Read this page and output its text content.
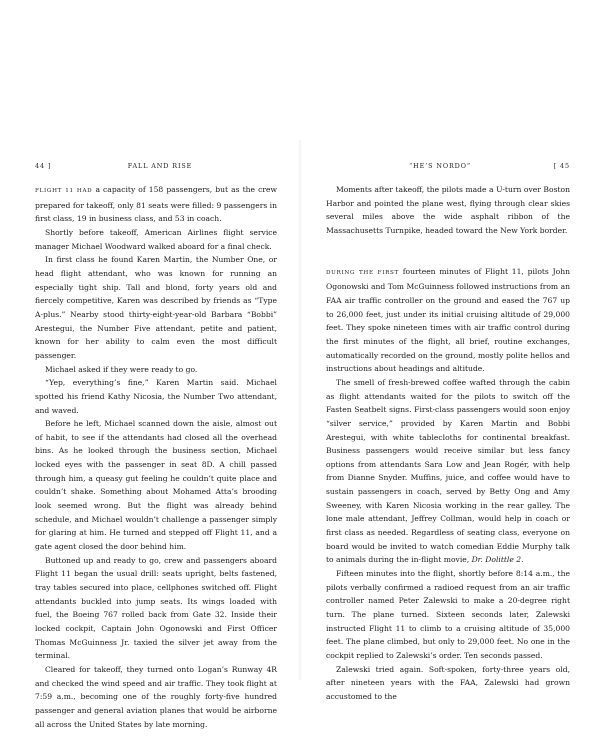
44 ]	FALL AND RISE

FLIGHT 11 HAD a capacity of 158 passengers, but as the crew prepared for takeoff, only 81 seats were filled: 9 passengers in first class, 19 in business class, and 53 in coach.

Shortly before takeoff, American Airlines flight service manager Michael Woodward walked aboard for a final check.

In first class he found Karen Martin, the Number One, or head flight attendant, who was known for running an especially tight ship. Tall and blond, forty years old and fiercely competitive, Karen was described by friends as “Type A-plus.” Nearby stood thirty-eight-year-old Barbara “Bobbi” Arestegui, the Number Five attendant, petite and patient, known for her ability to calm even the most difficult passenger.

Michael asked if they were ready to go.

“Yep, everything’s fine,” Karen Martin said. Michael spotted his friend Kathy Nicosia, the Number Two attendant, and waved.

Before he left, Michael scanned down the aisle, almost out of habit, to see if the attendants had closed all the overhead bins. As he looked through the business section, Michael locked eyes with the passenger in seat 8D. A chill passed through him, a queasy gut feeling he couldn’t quite place and couldn’t shake. Something about Mohamed Atta’s brooding look seemed wrong. But the flight was already behind schedule, and Michael wouldn’t challenge a passenger simply for glaring at him. He turned and stepped off Flight 11, and a gate agent closed the door behind him.

Buttoned up and ready to go, crew and passengers aboard Flight 11 began the usual drill: seats upright, belts fastened, tray tables secured into place, cellphones switched off. Flight attendants buckled into jump seats. Its wings loaded with fuel, the Boeing 767 rolled back from Gate 32. Inside their locked cockpit, Captain John Ogonowski and First Officer Thomas McGuinness Jr. taxied the silver jet away from the terminal.

Cleared for takeoff, they turned onto Logan’s Runway 4R and checked the wind speed and air traffic. They took flight at 7:59 a.m., becoming one of the roughly forty-five hundred passenger and general aviation planes that would be airborne all across the United States by late morning.

“HE’S NORDO”	[ 45

Moments after takeoff, the pilots made a U-turn over Boston Harbor and pointed the plane west, flying through clear skies several miles above the wide asphalt ribbon of the Massachusetts Turnpike, headed toward the New York border.

DURING THE FIRST fourteen minutes of Flight 11, pilots John Ogonowski and Tom McGuinness followed instructions from an FAA air traffic controller on the ground and eased the 767 up to 26,000 feet, just under its initial cruising altitude of 29,000 feet. They spoke nineteen times with air traffic control during the first minutes of the flight, all brief, routine exchanges, automatically recorded on the ground, mostly polite hellos and instructions about headings and altitude.

The smell of fresh-brewed coffee wafted through the cabin as flight attendants waited for the pilots to switch off the Fasten Seatbelt signs. First-class passengers would soon enjoy “silver service,” provided by Karen Martin and Bobbi Arestegui, with white tablecloths for continental breakfast. Business passengers would receive similar but less fancy options from attendants Sara Low and Jean Rogér, with help from Dianne Snyder. Muffins, juice, and coffee would have to sustain passengers in coach, served by Betty Ong and Amy Sweeney, with Karen Nicosia working in the rear galley. The lone male attendant, Jeffrey Collman, would help in coach or first class as needed. Regardless of seating class, everyone on board would be invited to watch comedian Eddie Murphy talk to animals during the in-flight movie, Dr. Dolittle 2.

Fifteen minutes into the flight, shortly before 8:14 a.m., the pilots verbally confirmed a radioed request from an air traffic controller named Peter Zalewski to make a 20-degree right turn. The plane turned. Sixteen seconds later, Zalewski instructed Flight 11 to climb to a cruising altitude of 35,000 feet. The plane climbed, but only to 29,000 feet. No one in the cockpit replied to Zalewski’s order. Ten seconds passed.

Zalewski tried again. Soft-spoken, forty-three years old, after nineteen years with the FAA, Zalewski had grown accustomed to the
